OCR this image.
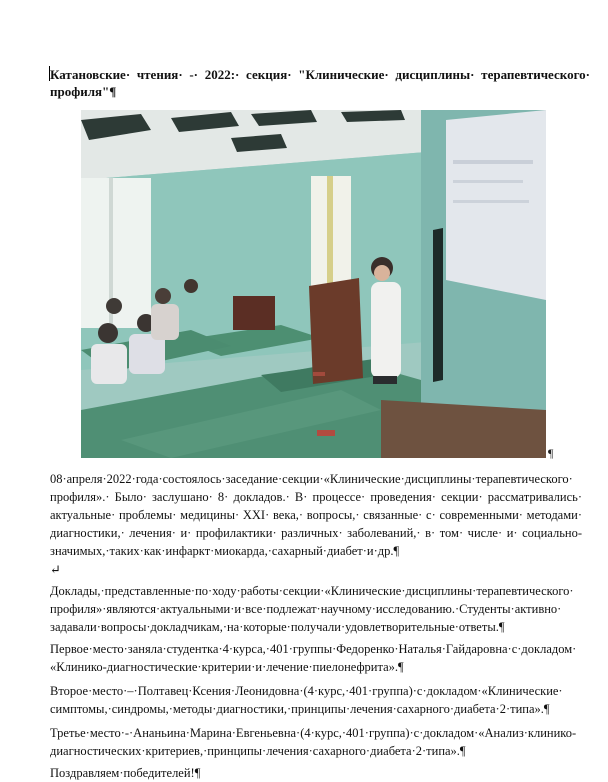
Катановские· чтения· -· 2022:· секция· "Клинические· дисциплины· терапевтического· профиля"¶
¶
08·апреля·2022·года·состоялось·заседание·секции·«Клинические·дисциплины·терапевтического· профиля».· Было· заслушано· 8· докладов.· В· процессе· проведения· секции· рассматривались· актуальные· проблемы· медицины· XXI· века,· вопросы,· связанные· с· современными· методами· диагностики,· лечения· и· профилактики· различных· заболеваний,· в· том· числе· и· социально-значимых,·таких·как·инфаркт·миокарда,·сахарный·диабет·и·др.¶
↵
Доклады,·представленные·по·ходу·работы·секции·«Клинические·дисциплины·терапевтического· профиля»·являются·актуальными·и·все·подлежат·научному·исследованию.·Студенты·активно· задавали·вопросы·докладчикам,·на·которые·получали·удовлетворительные·ответы.¶
Первое·место·заняла·студентка·4·курса,·401·группы·Федоренко·Наталья·Гайдаровна·с·докладом· «Клинико-диагностические·критерии·и·лечение·пиелонефрита».¶
Второе·место·–·Полтавец·Ксения·Леонидовна·(4·курс,·401·группа)·с·докладом·«Клинические· симптомы,·синдромы,·методы·диагностики,·принципы·лечения·сахарного·диабета·2·типа».¶
Третье·место·-·Ананьина·Марина·Евгеньевна·(4·курс,·401·группа)·с·докладом·«Анализ·клинико-диагностических·критериев,·принципы·лечения·сахарного·диабета·2·типа».¶
Поздравляем·победителей!¶
